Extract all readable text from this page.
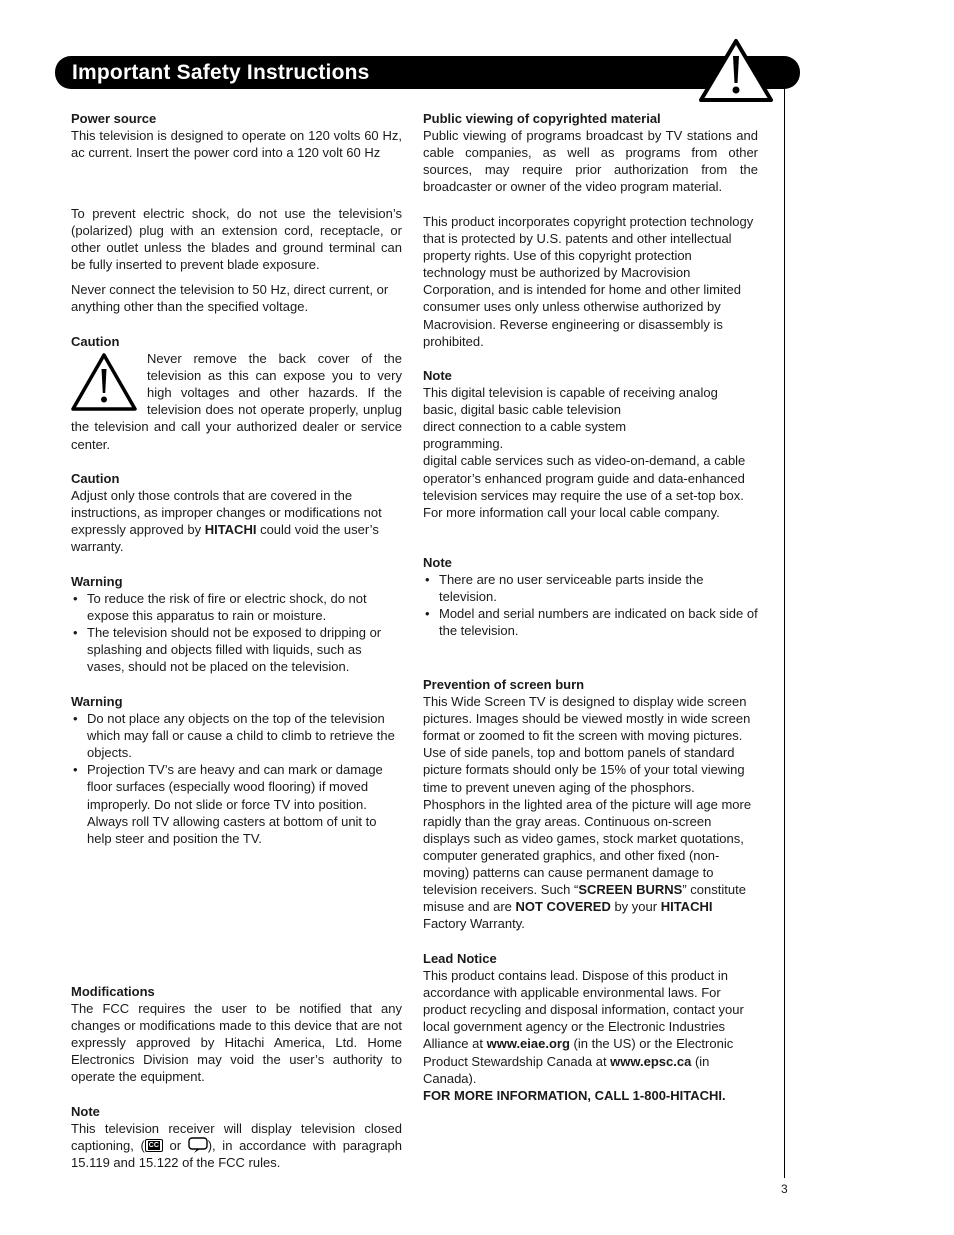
Important Safety Instructions
3

Power source

This television is designed to operate on 120 volts 60 Hz, ac current. Insert the power cord into a 120 volt 60 Hz

To prevent electric shock, do not use the television’s (polarized) plug with an extension cord, receptacle, or other outlet unless the blades and ground terminal can be fully inserted to prevent blade exposure.

Never connect the television to 50 Hz, direct current, or anything other than the specified voltage.

Caution

Never remove the back cover of the television as this can expose you to very high voltages and other hazards. If the television does not operate properly, unplug the television and call your authorized dealer or service center.

Caution

Adjust only those controls that are covered in the instructions, as improper changes or modifications not expressly approved by HITACHI could void the user’s warranty.

Warning

• To reduce the risk of fire or electric shock, do not expose this apparatus to rain or moisture.
• The television should not be exposed to dripping or splashing and objects filled with liquids, such as vases, should not be placed on the television.

Warning

• Do not place any objects on the top of the television which may fall or cause a child to climb to retrieve the objects.
• Projection TV’s are heavy and can mark or damage floor surfaces (especially wood flooring) if moved improperly. Do not slide or force TV into position. Always roll TV allowing casters at bottom of unit to help steer and position the TV.

Modifications

The FCC requires the user to be notified that any changes or modifications made to this device that are not expressly approved by Hitachi America, Ltd. Home Electronics Division may void the user’s authority to operate the equipment.

Note

This television receiver will display television closed captioning, ( CC or ), in accordance with paragraph 15.119 and 15.122 of the FCC rules.

Public viewing of copyrighted material

Public viewing of programs broadcast by TV stations and cable companies, as well as programs from other sources, may require prior authorization from the broadcaster or owner of the video program material.

This product incorporates copyright protection technology that is protected by U.S. patents and other intellectual property rights. Use of this copyright protection technology must be authorized by Macrovision Corporation, and is intended for home and other limited consumer uses only unless otherwise authorized by Macrovision. Reverse engineering or disassembly is prohibited.

Note

This digital television is capable of receiving analog

basic, digital basic cable television

direct connection to a cable system

programming.

digital cable services such as video-on-demand, a cable operator’s enhanced program guide and data-enhanced television services may require the use of a set-top box. For more information call your local cable company.

Note

• There are no user serviceable parts inside the television.
• Model and serial numbers are indicated on back side of the television.

Prevention of screen burn

This Wide Screen TV is designed to display wide screen pictures. Images should be viewed mostly in wide screen format or zoomed to fit the screen with moving pictures. Use of side panels, top and bottom panels of standard picture formats should only be 15% of your total viewing time to prevent uneven aging of the phosphors. Phosphors in the lighted area of the picture will age more rapidly than the gray areas. Continuous on-screen displays such as video games, stock market quotations, computer generated graphics, and other fixed (non-moving) patterns can cause permanent damage to television receivers. Such “SCREEN BURNS” constitute misuse and are NOT COVERED by your HITACHI Factory Warranty.

Lead Notice

This product contains lead. Dispose of this product in accordance with applicable environmental laws. For product recycling and disposal information, contact your local government agency or the Electronic Industries Alliance at www.eiae.org (in the US) or the Electronic Product Stewardship Canada at www.epsc.ca (in Canada).

FOR MORE INFORMATION, CALL 1-800-HITACHI.
